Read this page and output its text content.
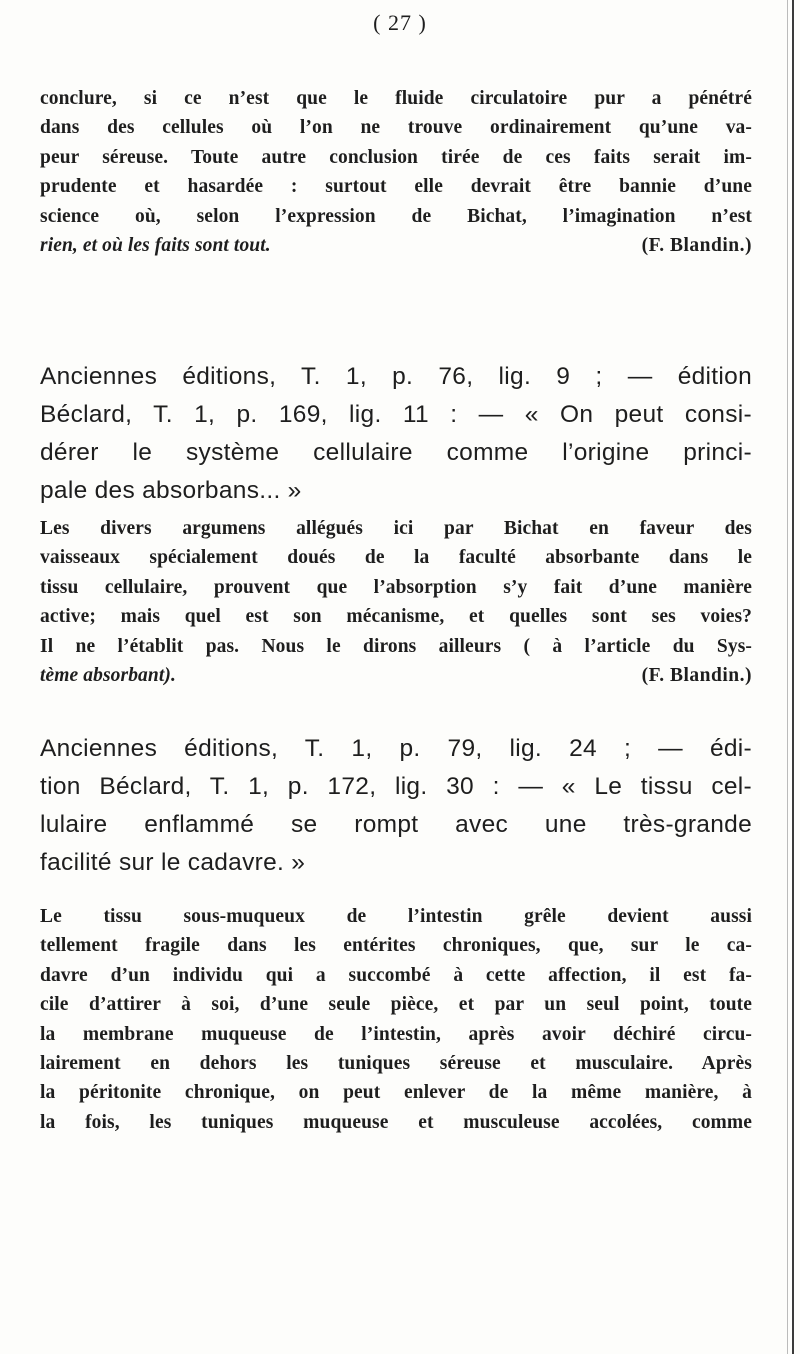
( 27 )
conclure, si ce n’est que le fluide circulatoire pur a pénétré
dans des cellules où l’on ne trouve ordinairement qu’une va-
peur séreuse. Toute autre conclusion tirée de ces faits serait im-
prudente et hasardée : surtout elle devrait être bannie d’une
science où, selon l’expression de Bichat, l’imagination n’est
rien, et où les faits sont tout.	(F. Blandin.)
Anciennes éditions, T. 1, p. 76, lig. 9 ; — édition
Béclard, T. 1, p. 169, lig. 11 : — « On peut consi-
dérer le système cellulaire comme l’origine princi-
pale des absorbans... »
Les divers argumens allégués ici par Bichat en faveur des
vaisseaux spécialement doués de la faculté absorbante dans le
tissu cellulaire, prouvent que l’absorption s’y fait d’une manière
active; mais quel est son mécanisme, et quelles sont ses voies?
Il ne l’établit pas. Nous le dirons ailleurs ( à l’article du Sys-
tème absorbant).	(F. Blandin.)
Anciennes éditions, T. 1, p. 79, lig. 24 ; — édi-
tion Béclard, T. 1, p. 172, lig. 30 : — « Le tissu cel-
lulaire enflammé se rompt avec une très-grande
facilité sur le cadavre. »
Le tissu sous-muqueux de l’intestin grêle devient aussi
tellement fragile dans les entérites chroniques, que, sur le ca-
davre d’un individu qui a succombé à cette affection, il est fa-
cile d’attirer à soi, d’une seule pièce, et par un seul point, toute
la membrane muqueuse de l’intestin, après avoir déchiré circu-
lairement en dehors les tuniques séreuse et musculaire. Après
la péritonite chronique, on peut enlever de la même manière, à
la fois, les tuniques muqueuse et musculeuse accolées, comme
